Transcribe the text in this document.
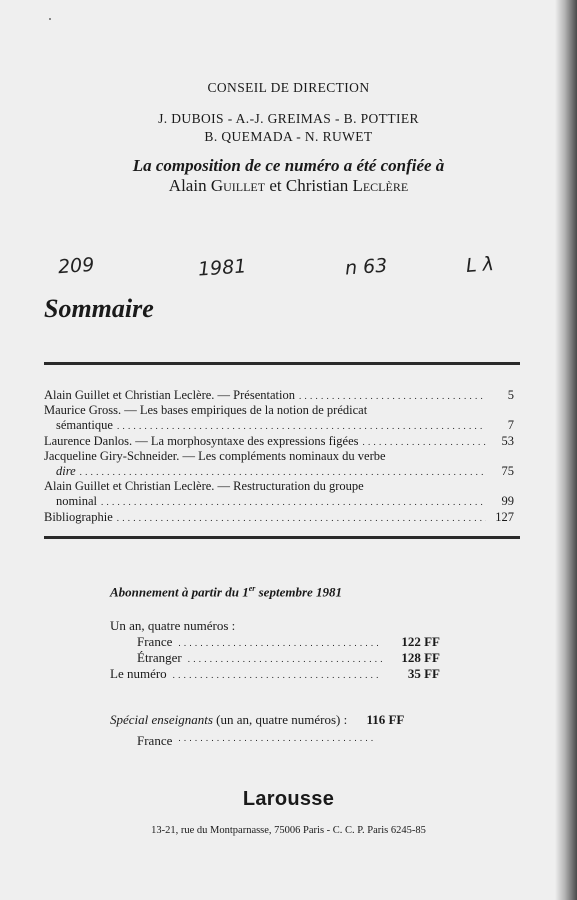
CONSEIL DE DIRECTION
J. DUBOIS - A.-J. GREIMAS - B. POTTIER
B. QUEMADA - N. RUWET
La composition de ce numéro a été confiée à
Alain Guillet et Christian Leclère
209	1981	n 63	L λ
Sommaire
Alain Guillet et Christian Leclère. — Présentation . . .	5
Maurice Gross. — Les bases empiriques de la notion de prédicat
sémantique . . .	7
Laurence Danlos. — La morphosyntaxe des expressions figées . . .	53
Jacqueline Giry-Schneider. — Les compléments nominaux du verbe
dire . . .	75
Alain Guillet et Christian Leclère. — Restructuration du groupe
nominal . . .	99
Bibliographie . . .	127
Abonnement à partir du 1er septembre 1981
Un an, quatre numéros :
France . . .	122 FF
Étranger . . .	128 FF
Le numéro . . .	35 FF
Spécial enseignants (un an, quatre numéros) : 116 FF
France
. . .
Larousse
13-21, rue du Montparnasse, 75006 Paris - C. C. P. Paris 6245-85
